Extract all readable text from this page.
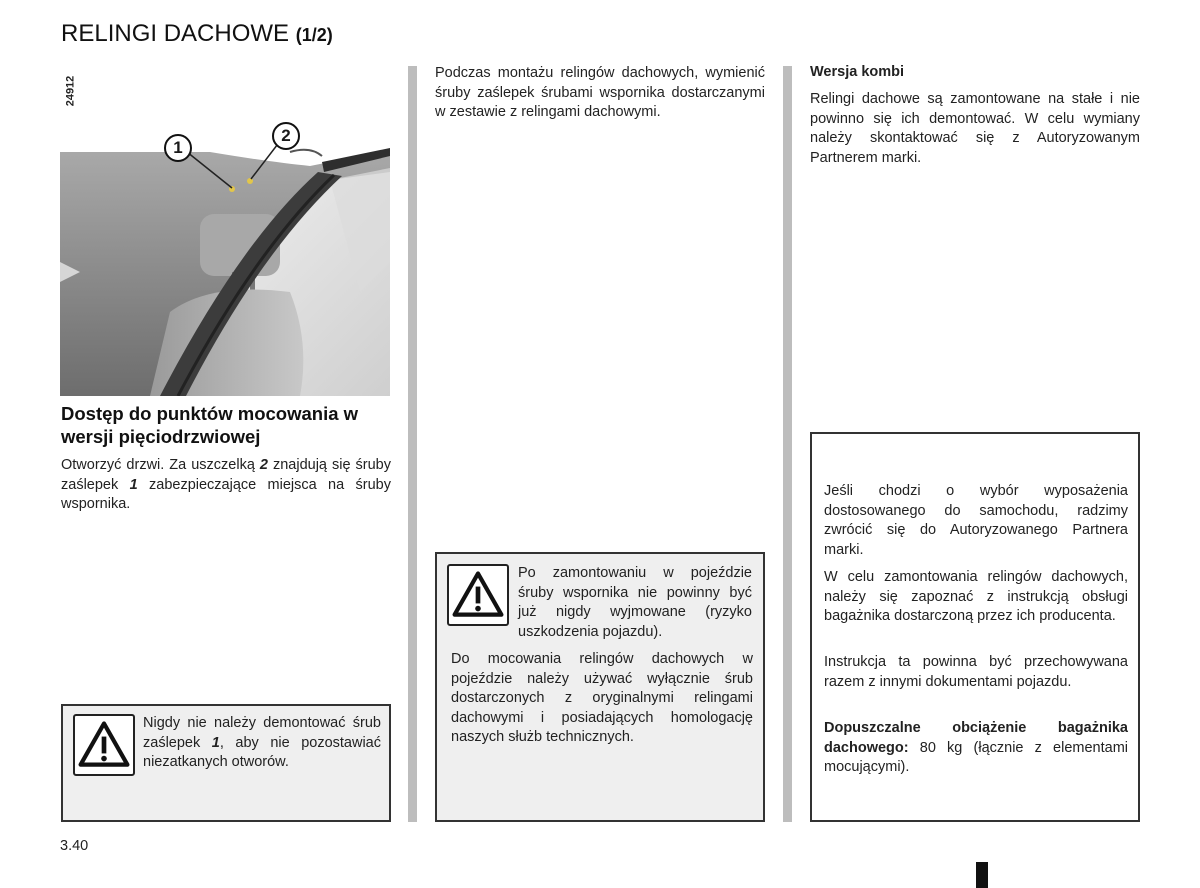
RELINGI DACHOWE (1/2)
24912
1
2
Dostęp do punktów mocowania w wersji pięciodrzwiowej

Otworzyć drzwi. Za uszczelką 2 znajdują się śruby zaślepek 1 zabezpieczające miejsca na śruby wspornika.

Nigdy nie należy demontować śrub zaślepek 1, aby nie pozostawiać niezatkanych otworów.

Podczas montażu relingów dachowych, wymienić śruby zaślepek śrubami wspornika dostarczanymi w zestawie z relingami dachowymi.

Po zamontowaniu w pojeździe śruby wspornika nie powinny być już nigdy wyjmowane (ryzyko uszkodzenia pojazdu).

Do mocowania relingów dachowych w pojeździe należy używać wyłącznie śrub dostarczonych z oryginalnymi relingami dachowymi i posiadających homologację naszych służb technicznych.

Wersja kombi

Relingi dachowe są zamontowane na stałe i nie powinno się ich demontować. W celu wymiany należy skontaktować się z Autoryzowanym Partnerem marki.

Jeśli chodzi o wybór wyposażenia dostosowanego do samochodu, radzimy zwrócić się do Autoryzowanego Partnera marki.

W celu zamontowania relingów dachowych, należy się zapoznać z instrukcją obsługi bagażnika dostarczoną przez ich producenta.

Instrukcja ta powinna być przechowywana razem z innymi dokumentami pojazdu.

Dopuszczalne obciążenie bagażnika dachowego: 80 kg (łącznie z elementami mocującymi).

3.40
